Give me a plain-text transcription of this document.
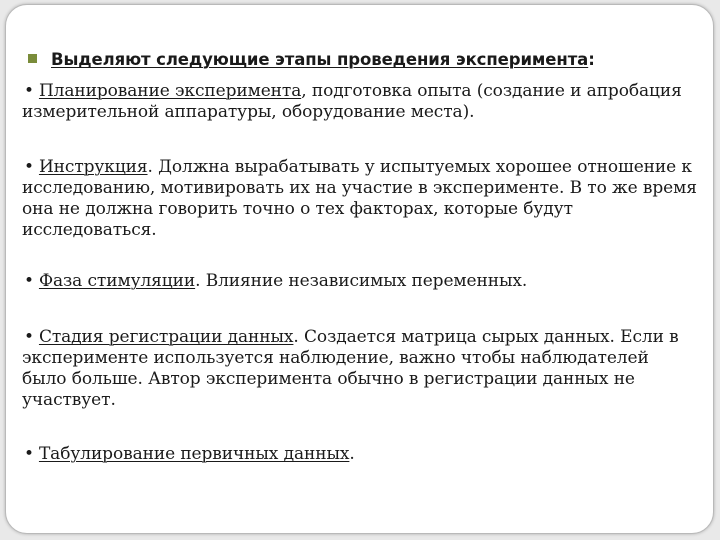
Выделяют следующие этапы проведения эксперимента:
• Планирование эксперимента, подготовка опыта (создание и апробация измерительной аппаратуры, оборудование места).
• Инструкция. Должна вырабатывать у испытуемых хорошее отношение к исследованию, мотивировать их на участие в эксперименте. В то же время она не должна говорить точно о тех факторах, которые будут исследоваться.
• Фаза стимуляции. Влияние независимых переменных.
• Стадия регистрации данных. Создается матрица сырых данных. Если в эксперименте используется наблюдение, важно чтобы наблюдателей было больше. Автор эксперимента обычно в регистрации данных не участвует.
• Табулирование первичных данных.
